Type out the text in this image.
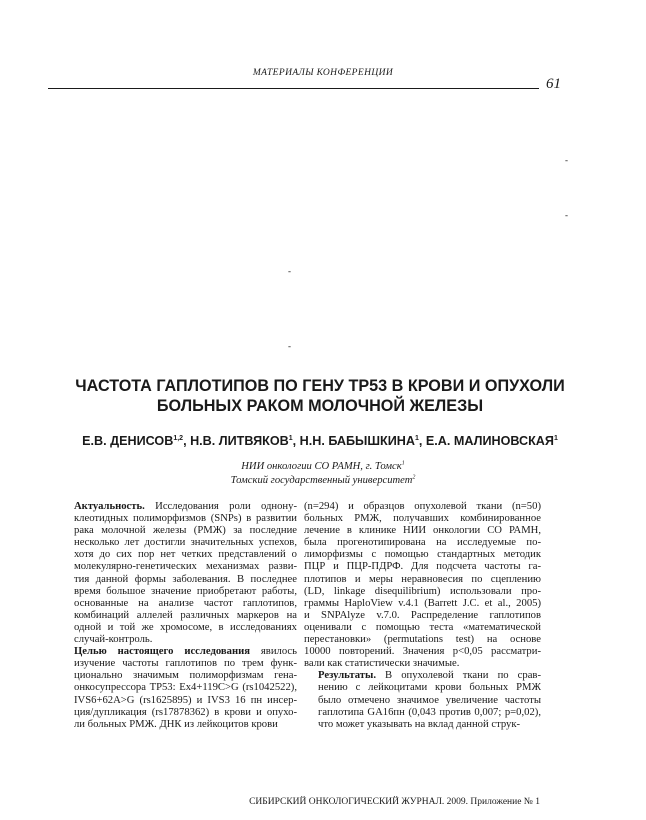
МАТЕРИАЛЫ КОНФЕРЕНЦИИ
61
-
-
-
-
ЧАСТОТА ГАПЛОТИПОВ ПО ГЕНУ TP53 В КРОВИ И ОПУХОЛИ
БОЛЬНЫХ РАКОМ МОЛОЧНОЙ ЖЕЛЕЗЫ
Е.В. ДЕНИСОВ$^{1,2}$, Н.В. ЛИТВЯКОВ$^1$, Н.Н. БАБЫШКИНА$^1$, Е.А. МАЛИНОВСКАЯ$^1$
НИИ онкологии СО РАМН, г. Томск$^1$
Томский государственный университет$^2$

Актуальность. Исследования роли однону-
клеотидных полиморфизмов (SNPs) в развитии
рака молочной железы (РМЖ) за последние
несколько лет достигли значительных успехов,
хотя до сих пор нет четких представлений о
молекулярно-генетических механизмах разви-
тия данной формы заболевания. В последнее
время большое значение приобретают работы,
основанные на анализе частот гаплотипов,
комбинаций аллелей различных маркеров на
одной и той же хромосоме, в исследованиях
случай-контроль.

Целью настоящего исследования явилось
изучение частоты гаплотипов по трем функ-
ционально значимым полиморфизмам гена-
онкосупрессора TP53: Ex4+119C>G (rs1042522),
IVS6+62A>G (rs1625895) и IVS3 16 пн инсер-
ция/дупликация (rs17878362) в крови и опухо-
ли больных РМЖ. ДНК из лейкоцитов крови

(n=294) и образцов опухолевой ткани (n=50)
больных РМЖ, получавших комбинированное
лечение в клинике НИИ онкологии СО РАМН,
была прогенотипирована на исследуемые по-
лиморфизмы с помощью стандартных методик
ПЦР и ПЦР-ПДРФ. Для подсчета частоты га-
плотипов и меры неравновесия по сцеплению
(LD, linkage disequilibrium) использовали про-
граммы HaploView v.4.1 (Barrett J.C. et al., 2005)
и SNPAlyze v.7.0. Распределение гаплотипов
оценивали с помощью теста «математической
перестановки» (permutations test) на основе
10000 повторений. Значения p<0,05 рассматри-
вали как статистически значимые.

Результаты. В опухолевой ткани по срав-
нению с лейкоцитами крови больных РМЖ
было отмечено значимое увеличение частоты
гаплотипа GA16пн (0,043 против 0,007; p=0,02),
что может указывать на вклад данной струк-

СИБИРСКИЙ ОНКОЛОГИЧЕСКИЙ ЖУРНАЛ. 2009. Приложение № 1
